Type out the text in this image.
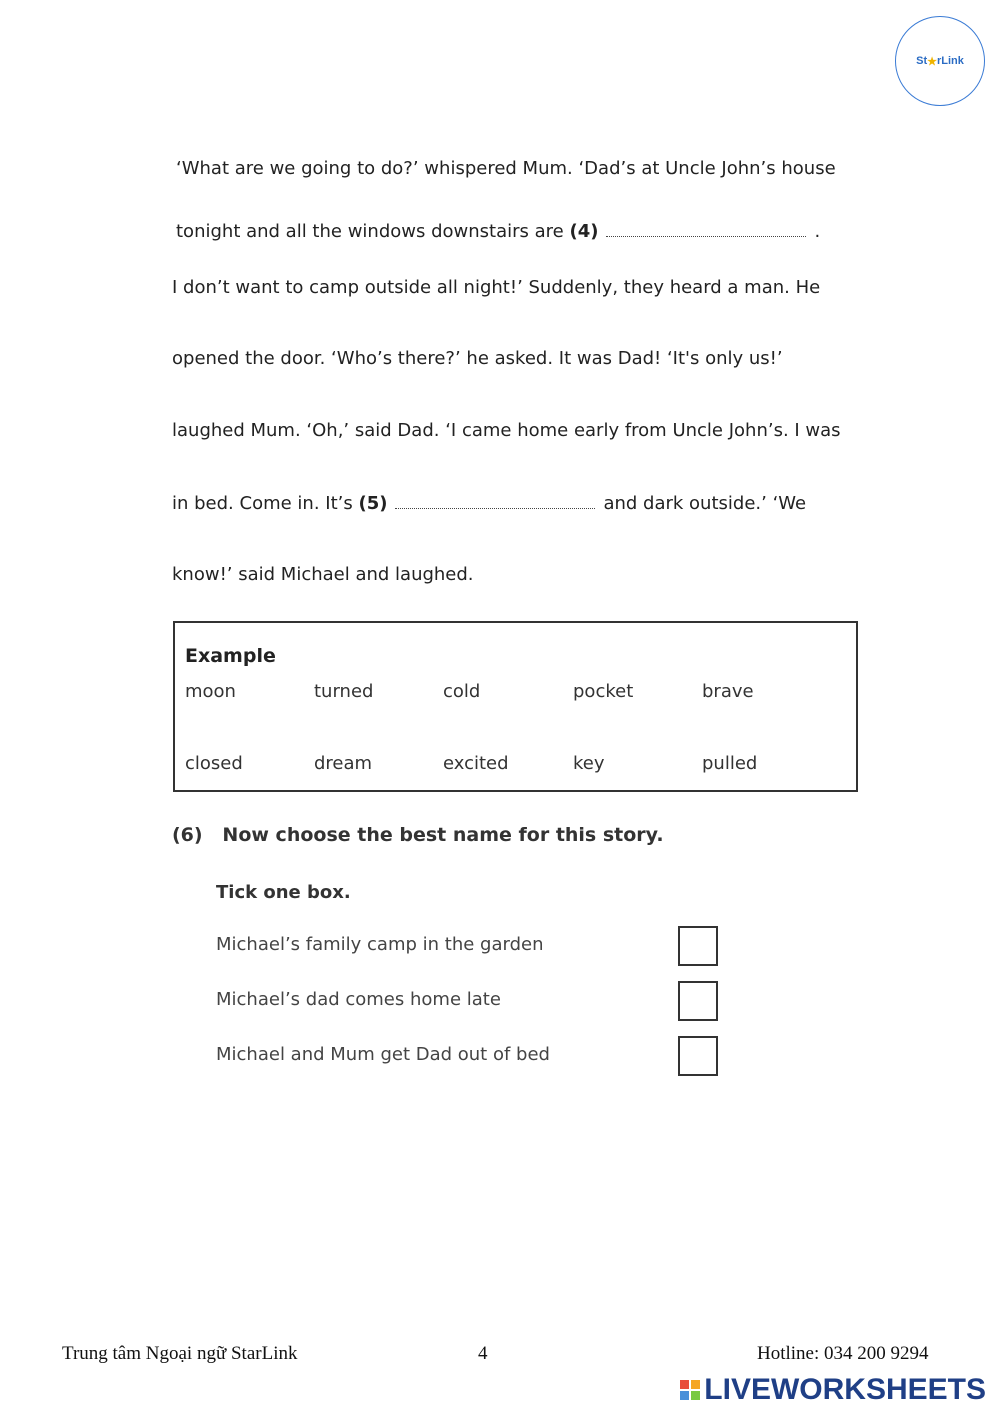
St ★ rLink
‘What are we going to do?’ whispered Mum. ‘Dad’s at Uncle John’s house
tonight and all the windows downstairs are (4)	.
I don’t want to camp outside all night!’ Suddenly, they heard a man. He
opened the door. ‘Who’s there?’ he asked. It was Dad! ‘It's only us!’
laughed Mum. ‘Oh,’ said Dad. ‘I came home early from Uncle John’s. I was
in bed. Come in. It’s (5)	and dark outside.’ ‘We
know!’ said Michael and laughed.
Example
moon	turned	cold	pocket	brave
closed	dream	excited	key	pulled
(6)   Now choose the best name for this story.
Tick one box.
Michael’s family camp in the garden
Michael’s dad comes home late
Michael and Mum get Dad out of bed
Trung tâm Ngoại ngữ StarLink	4	Hotline: 034 200 9294
LIVEWORKSHEETS
